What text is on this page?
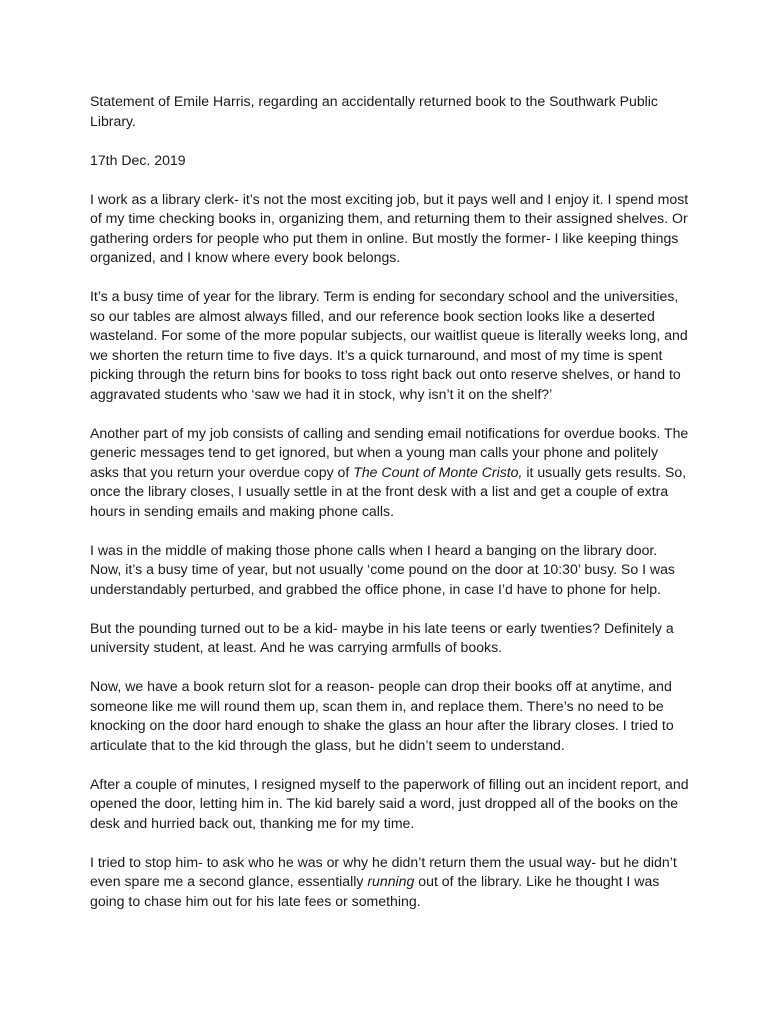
Statement of Emile Harris, regarding an accidentally returned book to the Southwark Public Library.

17th Dec. 2019

I work as a library clerk- it’s not the most exciting job, but it pays well and I enjoy it. I spend most of my time checking books in, organizing them, and returning them to their assigned shelves. Or gathering orders for people who put them in online. But mostly the former- I like keeping things organized, and I know where every book belongs.

It’s a busy time of year for the library. Term is ending for secondary school and the universities, so our tables are almost always filled, and our reference book section looks like a deserted wasteland. For some of the more popular subjects, our waitlist queue is literally weeks long, and we shorten the return time to five days. It’s a quick turnaround, and most of my time is spent picking through the return bins for books to toss right back out onto reserve shelves, or hand to aggravated students who ‘saw we had it in stock, why isn’t it on the shelf?’

Another part of my job consists of calling and sending email notifications for overdue books. The generic messages tend to get ignored, but when a young man calls your phone and politely asks that you return your overdue copy of The Count of Monte Cristo, it usually gets results. So, once the library closes, I usually settle in at the front desk with a list and get a couple of extra hours in sending emails and making phone calls.

I was in the middle of making those phone calls when I heard a banging on the library door. Now, it’s a busy time of year, but not usually ‘come pound on the door at 10:30’ busy. So I was understandably perturbed, and grabbed the office phone, in case I’d have to phone for help.

But the pounding turned out to be a kid- maybe in his late teens or early twenties? Definitely a university student, at least. And he was carrying armfulls of books.

Now, we have a book return slot for a reason- people can drop their books off at anytime, and someone like me will round them up, scan them in, and replace them. There’s no need to be knocking on the door hard enough to shake the glass an hour after the library closes. I tried to articulate that to the kid through the glass, but he didn’t seem to understand.

After a couple of minutes, I resigned myself to the paperwork of filling out an incident report, and opened the door, letting him in. The kid barely said a word, just dropped all of the books on the desk and hurried back out, thanking me for my time.

I tried to stop him- to ask who he was or why he didn’t return them the usual way- but he didn’t even spare me a second glance, essentially running out of the library. Like he thought I was going to chase him out for his late fees or something.
